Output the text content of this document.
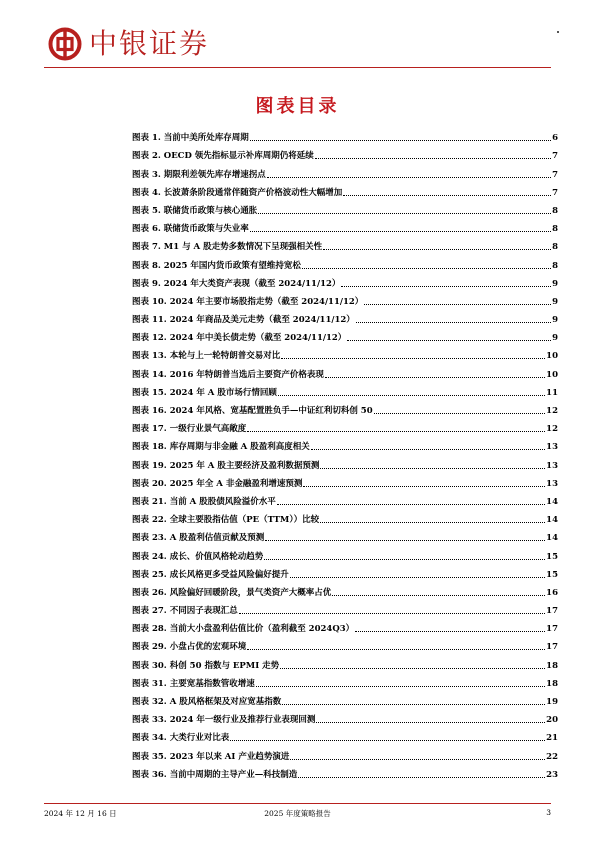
中银证券
图表目录
图表 1. 当前中美所处库存周期	6
图表 2. OECD 领先指标显示补库周期仍将延续	7
图表 3. 期限利差领先库存增速拐点	7
图表 4. 长波萧条阶段通常伴随资产价格波动性大幅增加	7
图表 5. 联储货币政策与核心通胀	8
图表 6. 联储货币政策与失业率	8
图表 7. M1 与 A 股走势多数情况下呈现强相关性	8
图表 8. 2025 年国内货币政策有望维持宽松	8
图表 9. 2024 年大类资产表现（截至 2024/11/12）	9
图表 10. 2024 年主要市场股指走势（截至 2024/11/12）	9
图表 11. 2024 年商品及美元走势（截至 2024/11/12）	9
图表 12. 2024 年中美长债走势（截至 2024/11/12）	9
图表 13. 本轮与上一轮特朗普交易对比	10
图表 14. 2016 年特朗普当选后主要资产价格表现	10
图表 15. 2024 年 A 股市场行情回顾	11
图表 16. 2024 年风格、宽基配置胜负手—中证红利切科创 50	12
图表 17. 一级行业景气高敞度	12
图表 18. 库存周期与非金融 A 股盈利高度相关	13
图表 19. 2025 年 A 股主要经济及盈利数据预测	13
图表 20. 2025 年全 A 非金融盈利增速预测	13
图表 21. 当前 A 股股债风险溢价水平	14
图表 22. 全球主要股指估值（PE（TTM））比较	14
图表 23. A 股盈利估值贡献及预测	14
图表 24. 成长、价值风格轮动趋势	15
图表 25. 成长风格更多受益风险偏好提升	15
图表 26. 风险偏好回暖阶段，景气类资产大概率占优	16
图表 27. 不同因子表现汇总	17
图表 28. 当前大小盘盈利估值比价（盈利截至 2024Q3）	17
图表 29. 小盘占优的宏观环境	17
图表 30. 科创 50 指数与 EPMI 走势	18
图表 31. 主要宽基指数管收增速	18
图表 32. A 股风格框架及对应宽基指数	19
图表 33. 2024 年一级行业及推荐行业表现回测	20
图表 34. 大类行业对比表	21
图表 35. 2023 年以来 AI 产业趋势演进	22
图表 36. 当前中周期的主导产业—科技制造	23
2024 年 12 月 16 日	2025 年度策略报告	3
